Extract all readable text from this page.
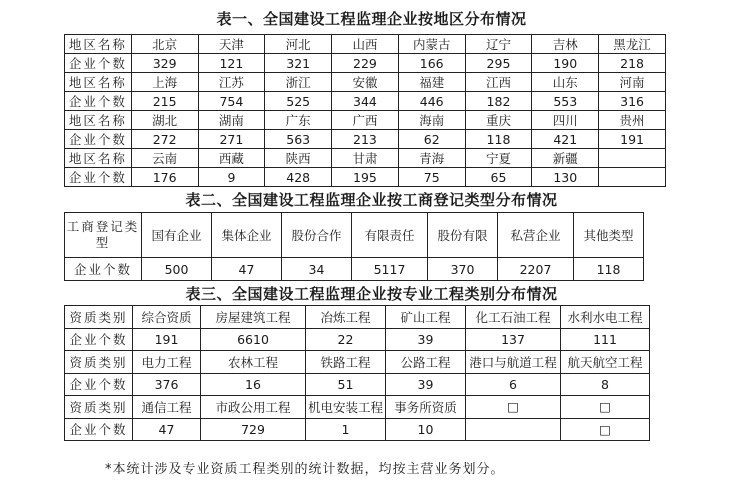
表一、全国建设工程监理企业按地区分布情况
地区名称	北京	天津	河北	山西	内蒙古	辽宁	吉林	黑龙江
企业个数	329	121	321	229	166	295	190	218
地区名称	上海	江苏	浙江	安徽	福建	江西	山东	河南
企业个数	215	754	525	344	446	182	553	316
地区名称	湖北	湖南	广东	广西	海南	重庆	四川	贵州
企业个数	272	271	563	213	62	118	421	191
地区名称	云南	西藏	陕西	甘肃	青海	宁夏	新疆	
企业个数	176	9	428	195	75	65	130	
表二、全国建设工程监理企业按工商登记类型分布情况
工商登记类型	国有企业	集体企业	股份合作	有限责任	股份有限	私营企业	其他类型
企业个数	500	47	34	5117	370	2207	118
表三、全国建设工程监理企业按专业工程类别分布情况
资质类别	综合资质	房屋建筑工程	冶炼工程	矿山工程	化工石油工程	水利水电工程
企业个数	191	6610	22	39	137	111
资质类别	电力工程	农林工程	铁路工程	公路工程	港口与航道工程	航天航空工程
企业个数	376	16	51	39	6	8
资质类别	通信工程	市政公用工程	机电安装工程	事务所资质	□	□
企业个数	47	729	1	10		□
*本统计涉及专业资质工程类别的统计数据，均按主营业务划分。
